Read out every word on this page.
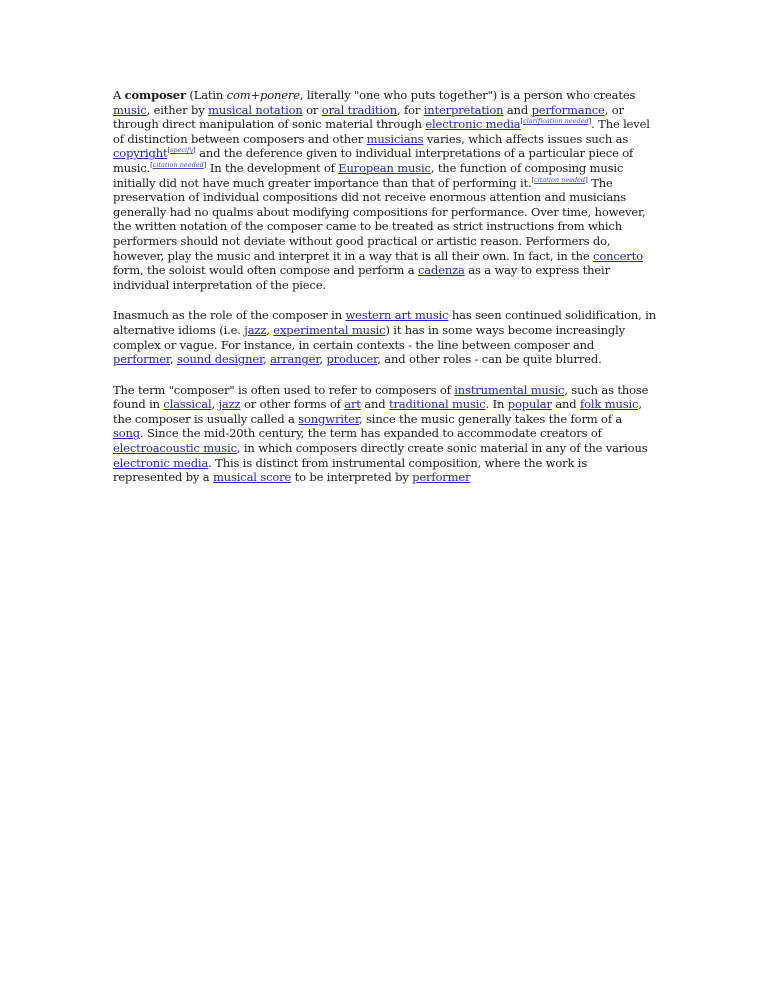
A composer (Latin com+ponere, literally "one who puts together") is a person who creates music, either by musical notation or oral tradition, for interpretation and performance, or through direct manipulation of sonic material through electronic media[clarification needed]. The level of distinction between composers and other musicians varies, which affects issues such as copyright[specify] and the deference given to individual interpretations of a particular piece of music.[citation needed] In the development of European music, the function of composing music initially did not have much greater importance than that of performing it.[citation needed] The preservation of individual compositions did not receive enormous attention and musicians generally had no qualms about modifying compositions for performance. Over time, however, the written notation of the composer came to be treated as strict instructions from which performers should not deviate without good practical or artistic reason. Performers do, however, play the music and interpret it in a way that is all their own. In fact, in the concerto form, the soloist would often compose and perform a cadenza as a way to express their individual interpretation of the piece.

Inasmuch as the role of the composer in western art music has seen continued solidification, in alternative idioms (i.e. jazz, experimental music) it has in some ways become increasingly complex or vague. For instance, in certain contexts - the line between composer and performer, sound designer, arranger, producer, and other roles - can be quite blurred.

The term "composer" is often used to refer to composers of instrumental music, such as those found in classical, jazz or other forms of art and traditional music. In popular and folk music, the composer is usually called a songwriter, since the music generally takes the form of a song. Since the mid-20th century, the term has expanded to accommodate creators of electroacoustic music, in which composers directly create sonic material in any of the various electronic media. This is distinct from instrumental composition, where the work is represented by a musical score to be interpreted by performer
